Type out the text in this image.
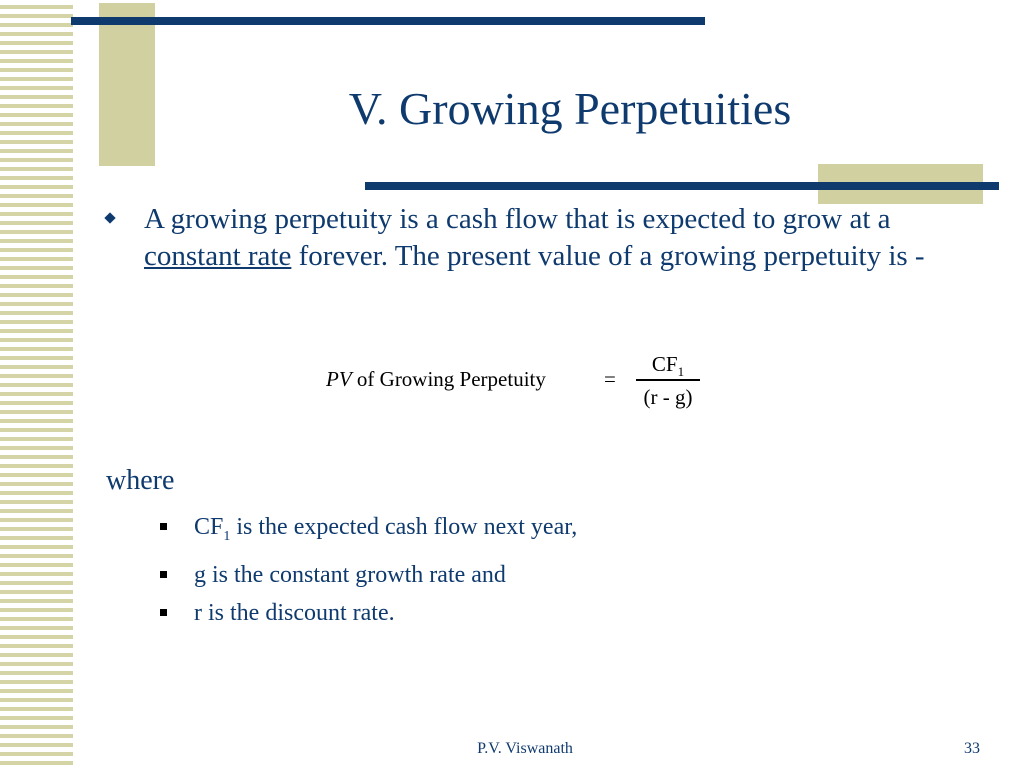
V. Growing Perpetuities
A growing perpetuity is a cash flow that is expected to grow at a constant rate forever. The present value of a growing perpetuity is -
PV of Growing Perpetuity	=
$CF_1$
(r - g)
where
$CF_1$ is the expected cash flow next year,
g is the constant growth rate and
r is the discount rate.
P.V. Viswanath	33
